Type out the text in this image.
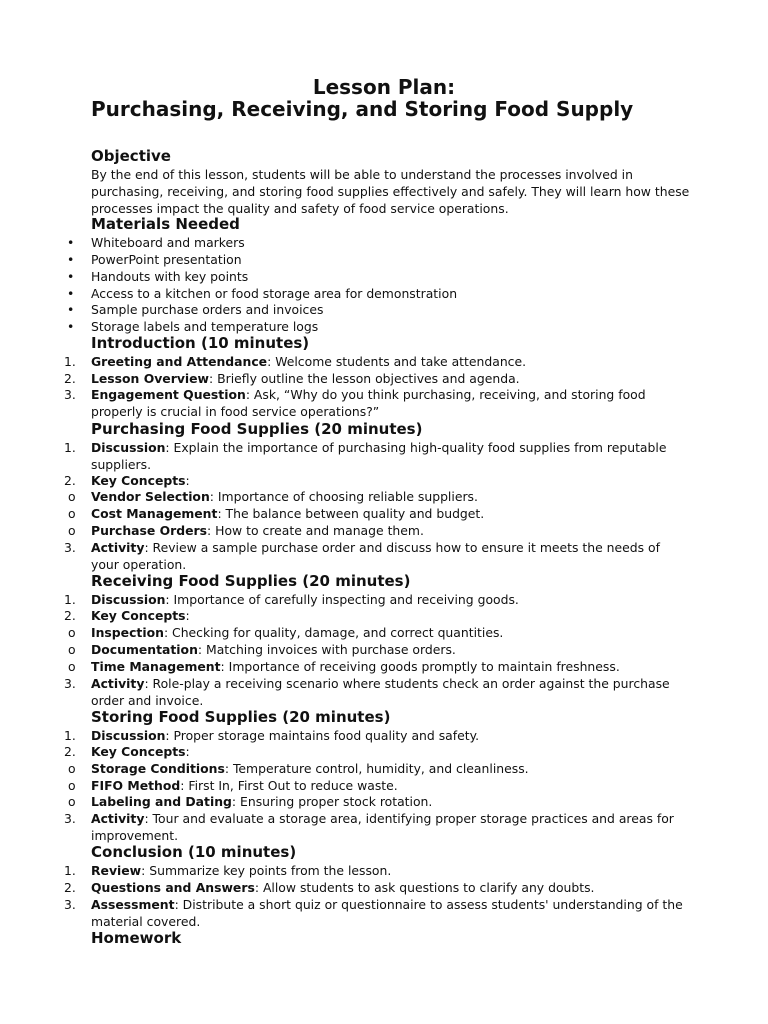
Lesson Plan:
Purchasing, Receiving, and Storing Food Supply
Objective
By the end of this lesson, students will be able to understand the processes involved in purchasing, receiving, and storing food supplies effectively and safely. They will learn how these processes impact the quality and safety of food service operations.
Materials Needed
•	Whiteboard and markers
•	PowerPoint presentation
•	Handouts with key points
•	Access to a kitchen or food storage area for demonstration
•	Sample purchase orders and invoices
•	Storage labels and temperature logs
Introduction (10 minutes)
1.	Greeting and Attendance: Welcome students and take attendance.
2.	Lesson Overview: Briefly outline the lesson objectives and agenda.
3.	Engagement Question: Ask, “Why do you think purchasing, receiving, and storing food properly is crucial in food service operations?”
Purchasing Food Supplies (20 minutes)
1.	Discussion: Explain the importance of purchasing high-quality food supplies from reputable suppliers.
2.	Key Concepts:
o	Vendor Selection: Importance of choosing reliable suppliers.
o	Cost Management: The balance between quality and budget.
o	Purchase Orders: How to create and manage them.
3.	Activity: Review a sample purchase order and discuss how to ensure it meets the needs of your operation.
Receiving Food Supplies (20 minutes)
1.	Discussion: Importance of carefully inspecting and receiving goods.
2.	Key Concepts:
o	Inspection: Checking for quality, damage, and correct quantities.
o	Documentation: Matching invoices with purchase orders.
o	Time Management: Importance of receiving goods promptly to maintain freshness.
3.	Activity: Role-play a receiving scenario where students check an order against the purchase order and invoice.
Storing Food Supplies (20 minutes)
1.	Discussion: Proper storage maintains food quality and safety.
2.	Key Concepts:
o	Storage Conditions: Temperature control, humidity, and cleanliness.
o	FIFO Method: First In, First Out to reduce waste.
o	Labeling and Dating: Ensuring proper stock rotation.
3.	Activity: Tour and evaluate a storage area, identifying proper storage practices and areas for improvement.
Conclusion (10 minutes)
1.	Review: Summarize key points from the lesson.
2.	Questions and Answers: Allow students to ask questions to clarify any doubts.
3.	Assessment: Distribute a short quiz or questionnaire to assess students' understanding of the material covered.
Homework
